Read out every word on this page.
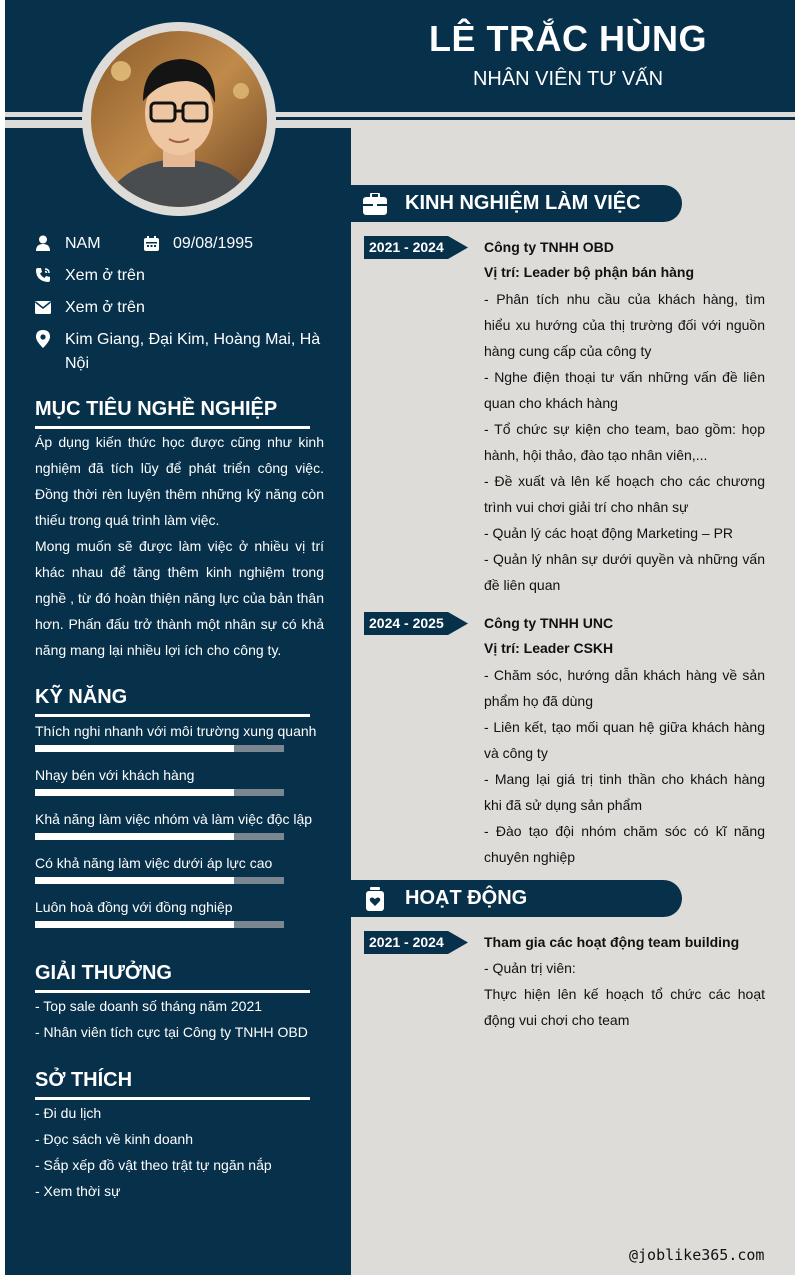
LÊ TRẮC HÙNG
NHÂN VIÊN TƯ VẤN
NAM	09/08/1995
Xem ở trên
Xem ở trên
Kim Giang, Đại Kim, Hoàng Mai, Hà Nội
MỤC TIÊU NGHỀ NGHIỆP
Áp dụng kiến thức học được cũng như kinh nghiệm đã tích lũy để phát triển công việc. Đồng thời rèn luyện thêm những kỹ năng còn thiếu trong quá trình làm việc.
Mong muốn sẽ được làm việc ở nhiều vị trí khác nhau để tăng thêm kinh nghiệm trong nghề , từ đó hoàn thiện năng lực của bản thân hơn. Phấn đấu trở thành một nhân sự có khả năng mang lại nhiều lợi ích cho công ty.
KỸ NĂNG
Thích nghi nhanh với môi trường xung quanh
Nhạy bén với khách hàng
Khả năng làm việc nhóm và làm việc độc lập
Có khả năng làm việc dưới áp lực cao
Luôn hoà đồng với đồng nghiệp
GIẢI THƯỞNG
- Top sale doanh số tháng năm 2021
- Nhân viên tích cực tại Công ty TNHH OBD
SỞ THÍCH
- Đi du lịch
- Đọc sách về kinh doanh
- Sắp xếp đồ vật theo trật tự ngăn nắp
- Xem thời sự
KINH NGHIỆM LÀM VIỆC
2021 - 2024	Công ty TNHH OBD
Vị trí: Leader bộ phận bán hàng
- Phân tích nhu cầu của khách hàng, tìm hiểu xu hướng của thị trường đối với nguồn hàng cung cấp của công ty
- Nghe điện thoại tư vấn những vấn đề liên quan cho khách hàng
- Tổ chức sự kiện cho team, bao gồm: họp hành, hội thảo, đào tạo nhân viên,...
- Đề xuất và lên kế hoạch cho các chương trình vui chơi giải trí cho nhân sự
- Quản lý các hoạt động Marketing – PR
- Quản lý nhân sự dưới quyền và những vấn đề liên quan
2024 - 2025	Công ty TNHH UNC
Vị trí: Leader CSKH
- Chăm sóc, hướng dẫn khách hàng về sản phẩm họ đã dùng
- Liên kết, tạo mối quan hệ giữa khách hàng và công ty
- Mang lại giá trị tinh thần cho khách hàng khi đã sử dụng sản phẩm
- Đào tạo đội nhóm chăm sóc có kĩ năng chuyên nghiệp
HOẠT ĐỘNG
2021 - 2024	Tham gia các hoạt động team building
- Quản trị viên:
Thực hiện lên kế hoạch tổ chức các hoạt động vui chơi cho team
@joblike365.com
